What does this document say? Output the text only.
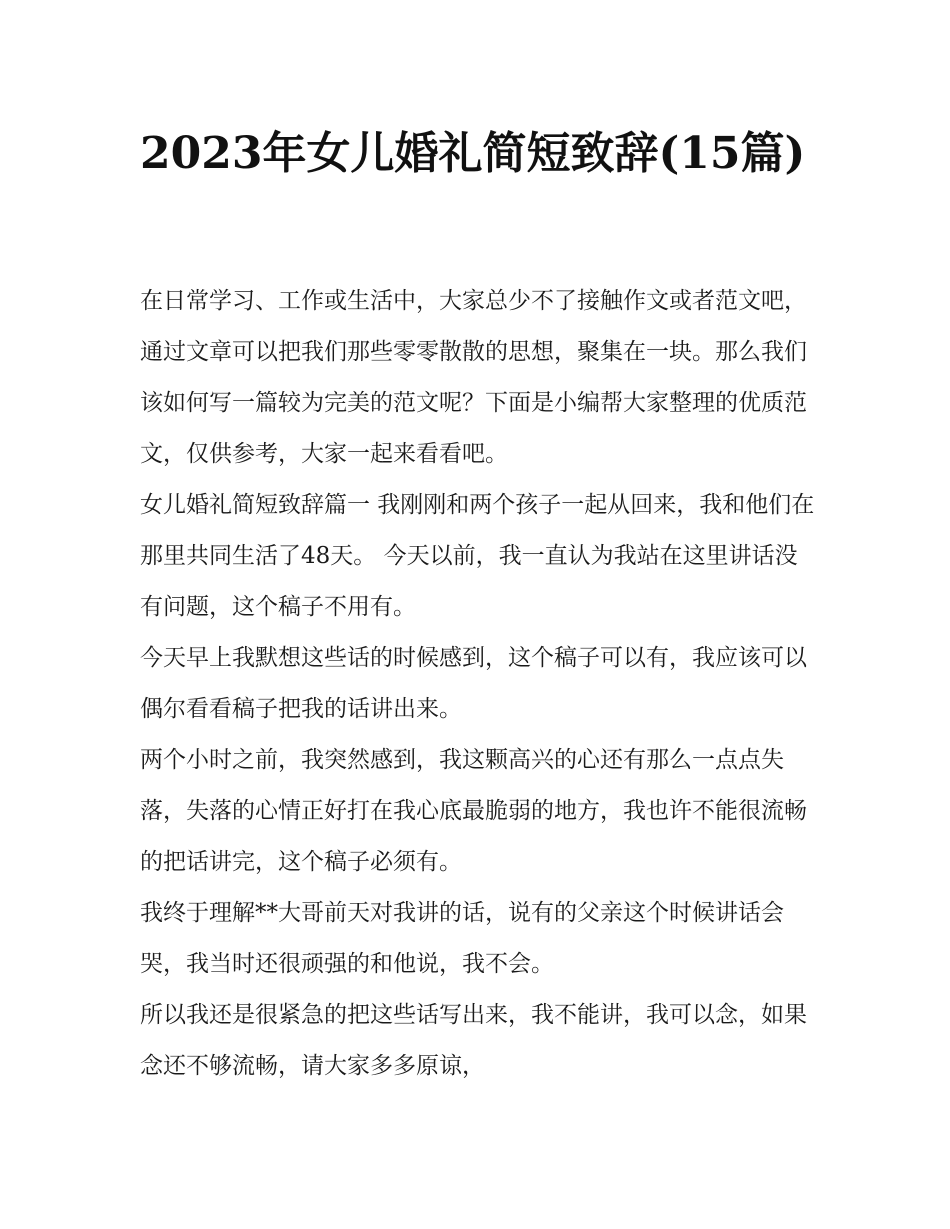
2023年女儿婚礼简短致辞(15篇)

在日常学习、工作或生活中，大家总少不了接触作文或者范文吧，通过文章可以把我们那些零零散散的思想，聚集在一块。那么我们该如何写一篇较为完美的范文呢？下面是小编帮大家整理的优质范文，仅供参考，大家一起来看看吧。

女儿婚礼简短致辞篇一 我刚刚和两个孩子一起从回来，我和他们在那里共同生活了48天。 今天以前，我一直认为我站在这里讲话没有问题，这个稿子不用有。

今天早上我默想这些话的时候感到，这个稿子可以有，我应该可以偶尔看看稿子把我的话讲出来。

两个小时之前，我突然感到，我这颗高兴的心还有那么一点点失落，失落的心情正好打在我心底最脆弱的地方，我也许不能很流畅的把话讲完，这个稿子必须有。

我终于理解**大哥前天对我讲的话，说有的父亲这个时候讲话会哭，我当时还很顽强的和他说，我不会。

所以我还是很紧急的把这些话写出来，我不能讲，我可以念，如果念还不够流畅，请大家多多原谅，
